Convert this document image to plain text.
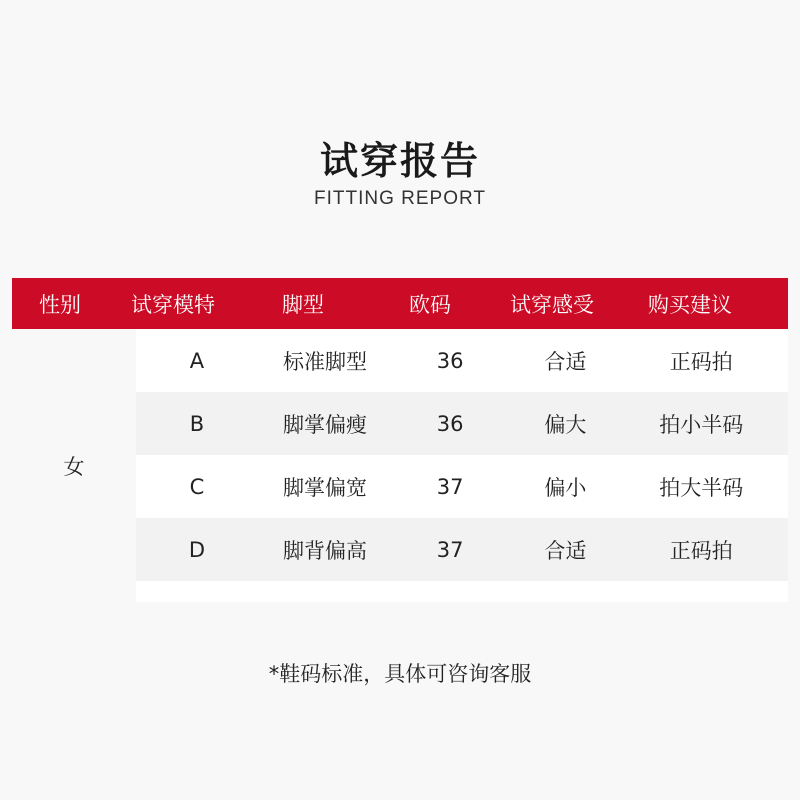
试穿报告
FITTING REPORT
性别	试穿模特	脚型	欧码	试穿感受	购买建议
女
A	标准脚型	36	合适	正码拍
B	脚掌偏瘦	36	偏大	拍小半码
C	脚掌偏宽	37	偏小	拍大半码
D	脚背偏高	37	合适	正码拍
*鞋码标准，具体可咨询客服
